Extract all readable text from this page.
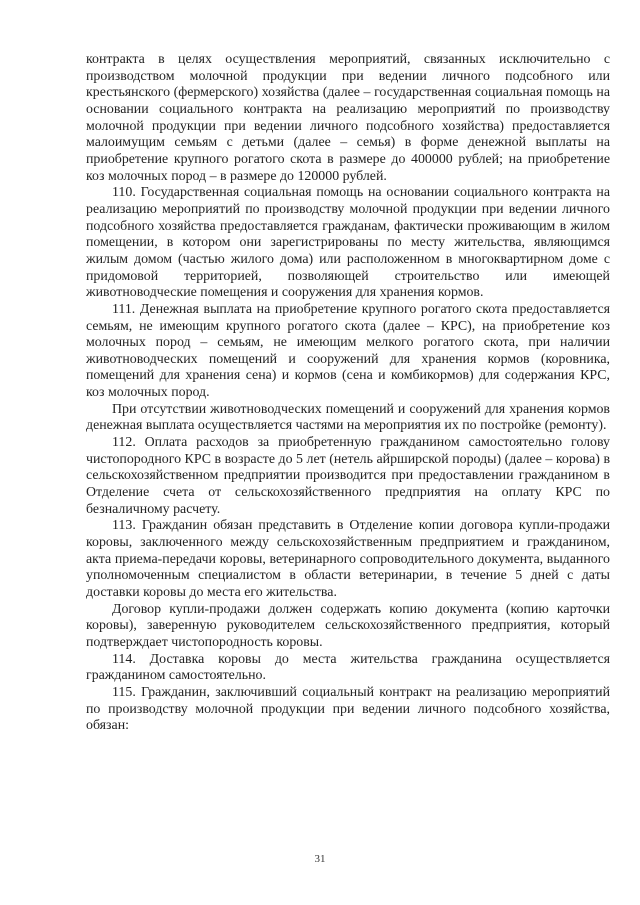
контракта в целях осуществления мероприятий, связанных исключительно с производством молочной продукции при ведении личного подсобного или крестьянского (фермерского) хозяйства (далее – государственная социальная помощь на основании социального контракта на реализацию мероприятий по производству молочной продукции при ведении личного подсобного хозяйства) предоставляется малоимущим семьям с детьми (далее – семья) в форме денежной выплаты на приобретение крупного рогатого скота в размере до 400000 рублей; на приобретение коз молочных пород – в размере до 120000 рублей.

110. Государственная социальная помощь на основании социального контракта на реализацию мероприятий по производству молочной продукции при ведении личного подсобного хозяйства предоставляется гражданам, фактически проживающим в жилом помещении, в котором они зарегистрированы по месту жительства, являющимся жилым домом (частью жилого дома) или расположенном в многоквартирном доме с придомовой территорией, позволяющей строительство или имеющей животноводческие помещения и сооружения для хранения кормов.

111. Денежная выплата на приобретение крупного рогатого скота предоставляется семьям, не имеющим крупного рогатого скота (далее – КРС), на приобретение коз молочных пород – семьям, не имеющим мелкого рогатого скота, при наличии животноводческих помещений и сооружений для хранения кормов (коровника, помещений для хранения сена) и кормов (сена и комбикормов) для содержания КРС, коз молочных пород.

При отсутствии животноводческих помещений и сооружений для хранения кормов денежная выплата осуществляется частями на мероприятия их по постройке (ремонту).

112. Оплата расходов за приобретенную гражданином самостоятельно голову чистопородного КРС в возрасте до 5 лет (нетель айрширской породы) (далее – корова) в сельскохозяйственном предприятии производится при предоставлении гражданином в Отделение счета от сельскохозяйственного предприятия на оплату КРС по безналичному расчету.

113. Гражданин обязан представить в Отделение копии договора купли-продажи коровы, заключенного между сельскохозяйственным предприятием и гражданином, акта приема-передачи коровы, ветеринарного сопроводительного документа, выданного уполномоченным специалистом в области ветеринарии, в течение 5 дней с даты доставки коровы до места его жительства.

Договор купли-продажи должен содержать копию документа (копию карточки коровы), заверенную руководителем сельскохозяйственного предприятия, который подтверждает чистопородность коровы.

114. Доставка коровы до места жительства гражданина осуществляется гражданином самостоятельно.

115. Гражданин, заключивший социальный контракт на реализацию мероприятий по производству молочной продукции при ведении личного подсобного хозяйства, обязан:

31
